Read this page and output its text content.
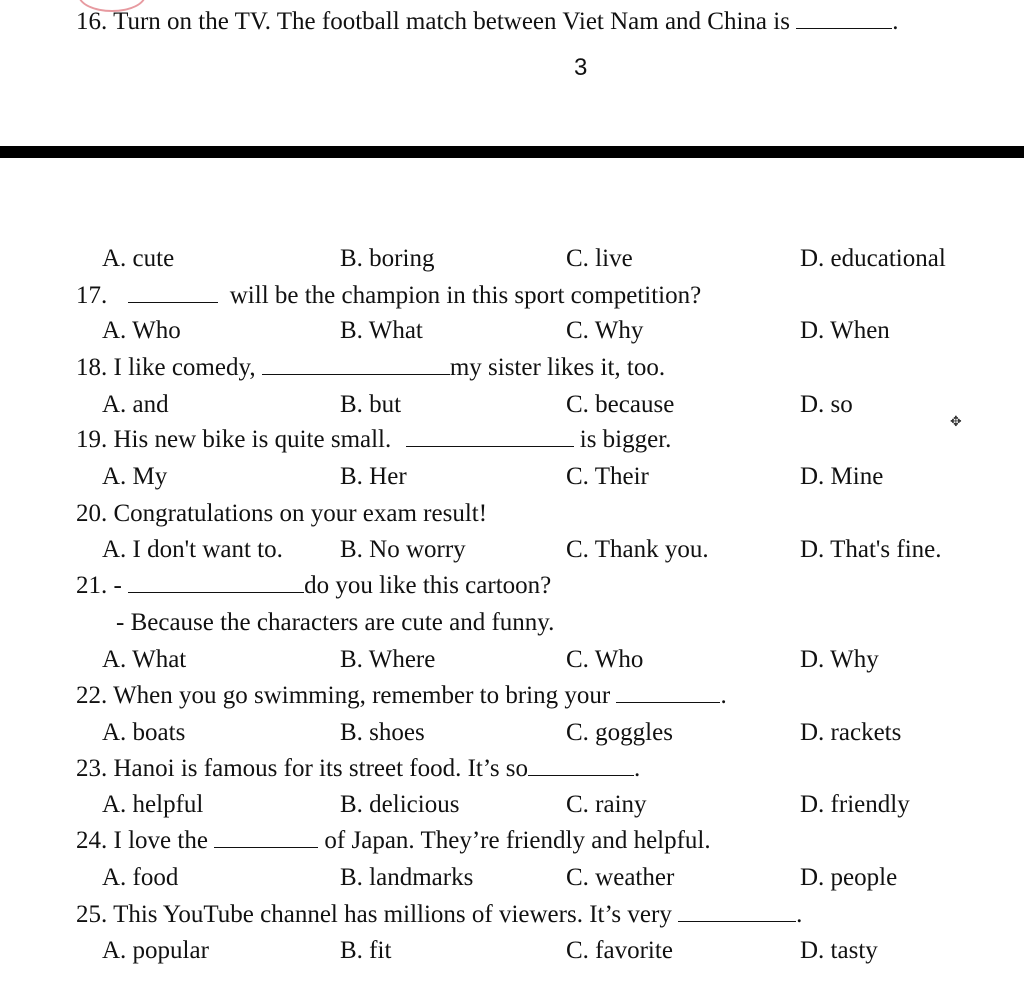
16. Turn on the TV. The football match between Viet Nam and China is	.
3
A. cute	B. boring	C. live	D. educational
17.	will be the champion in this sport competition?
A. Who	B. What	C. Why	D. When
18. I like comedy,	my sister likes it, too.
A. and	B. but	C. because	D. so
✥
19. His new bike is quite small.	is bigger.
A. My	B. Her	C. Their	D. Mine
20. Congratulations on your exam result!
A. I don't want to. B. No worry	C. Thank you.	D. That's fine.
21. -	do you like this cartoon?
- Because the characters are cute and funny.
A. What	B. Where	C. Who	D. Why
22. When you go swimming, remember to bring your	.
A. boats	B. shoes	C. goggles	D. rackets
23. Hanoi is famous for its street food. It’s so	.
A. helpful	B. delicious	C. rainy	D. friendly
24. I love the	of Japan. They’re friendly and helpful.
A. food	B. landmarks	C. weather	D. people
25. This YouTube channel has millions of viewers. It’s very	.
A. popular	B. fit	C. favorite	D. tasty
